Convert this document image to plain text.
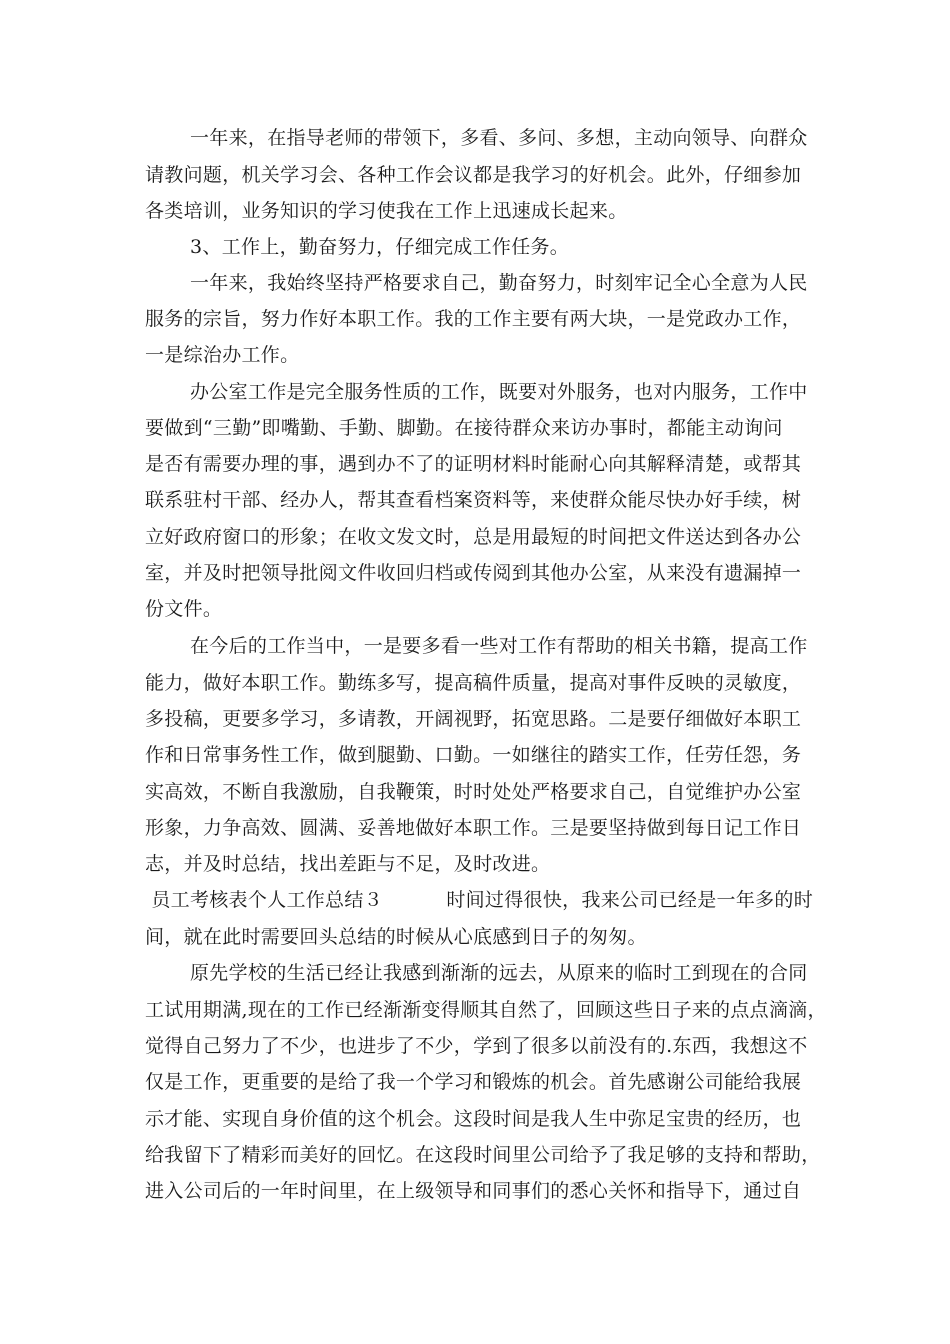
一年来，在指导老师的带领下，多看、多问、多想，主动向领导、向群众
请教问题，机关学习会、各种工作会议都是我学习的好机会。此外，仔细参加
各类培训，业务知识的学习使我在工作上迅速成长起来。
3、工作上，勤奋努力，仔细完成工作任务。
一年来，我始终坚持严格要求自己，勤奋努力，时刻牢记全心全意为人民
服务的宗旨，努力作好本职工作。我的工作主要有两大块，一是党政办工作，
一是综治办工作。
办公室工作是完全服务性质的工作，既要对外服务，也对内服务，工作中
要做到“三勤”即嘴勤、手勤、脚勤。在接待群众来访办事时，都能主动询问
是否有需要办理的事，遇到办不了的证明材料时能耐心向其解释清楚，或帮其
联系驻村干部、经办人，帮其查看档案资料等，来使群众能尽快办好手续，树
立好政府窗口的形象；在收文发文时，总是用最短的时间把文件送达到各办公
室，并及时把领导批阅文件收回归档或传阅到其他办公室，从来没有遗漏掉一
份文件。
在今后的工作当中，一是要多看一些对工作有帮助的相关书籍，提高工作
能力，做好本职工作。勤练多写，提高稿件质量，提高对事件反映的灵敏度，
多投稿，更要多学习，多请教，开阔视野，拓宽思路。二是要仔细做好本职工
作和日常事务性工作，做到腿勤、口勤。一如继往的踏实工作，任劳任怨，务
实高效，不断自我激励，自我鞭策，时时处处严格要求自己，自觉维护办公室
形象，力争高效、圆满、妥善地做好本职工作。三是要坚持做到每日记工作日
志，并及时总结，找出差距与不足，及时改进。
员工考核表个人工作总结３          时间过得很快，我来公司已经是一年多的时
间，就在此时需要回头总结的时候从心底感到日子的匆匆。
原先学校的生活已经让我感到渐渐的远去，从原来的临时工到现在的合同
工试用期满,现在的工作已经渐渐变得顺其自然了，回顾这些日子来的点点滴滴，
觉得自己努力了不少，也进步了不少，学到了很多以前没有的.东西，我想这不
仅是工作，更重要的是给了我一个学习和锻炼的机会。首先感谢公司能给我展
示才能、实现自身价值的这个机会。这段时间是我人生中弥足宝贵的经历，也
给我留下了精彩而美好的回忆。在这段时间里公司给予了我足够的支持和帮助，
进入公司后的一年时间里，在上级领导和同事们的悉心关怀和指导下，通过自
